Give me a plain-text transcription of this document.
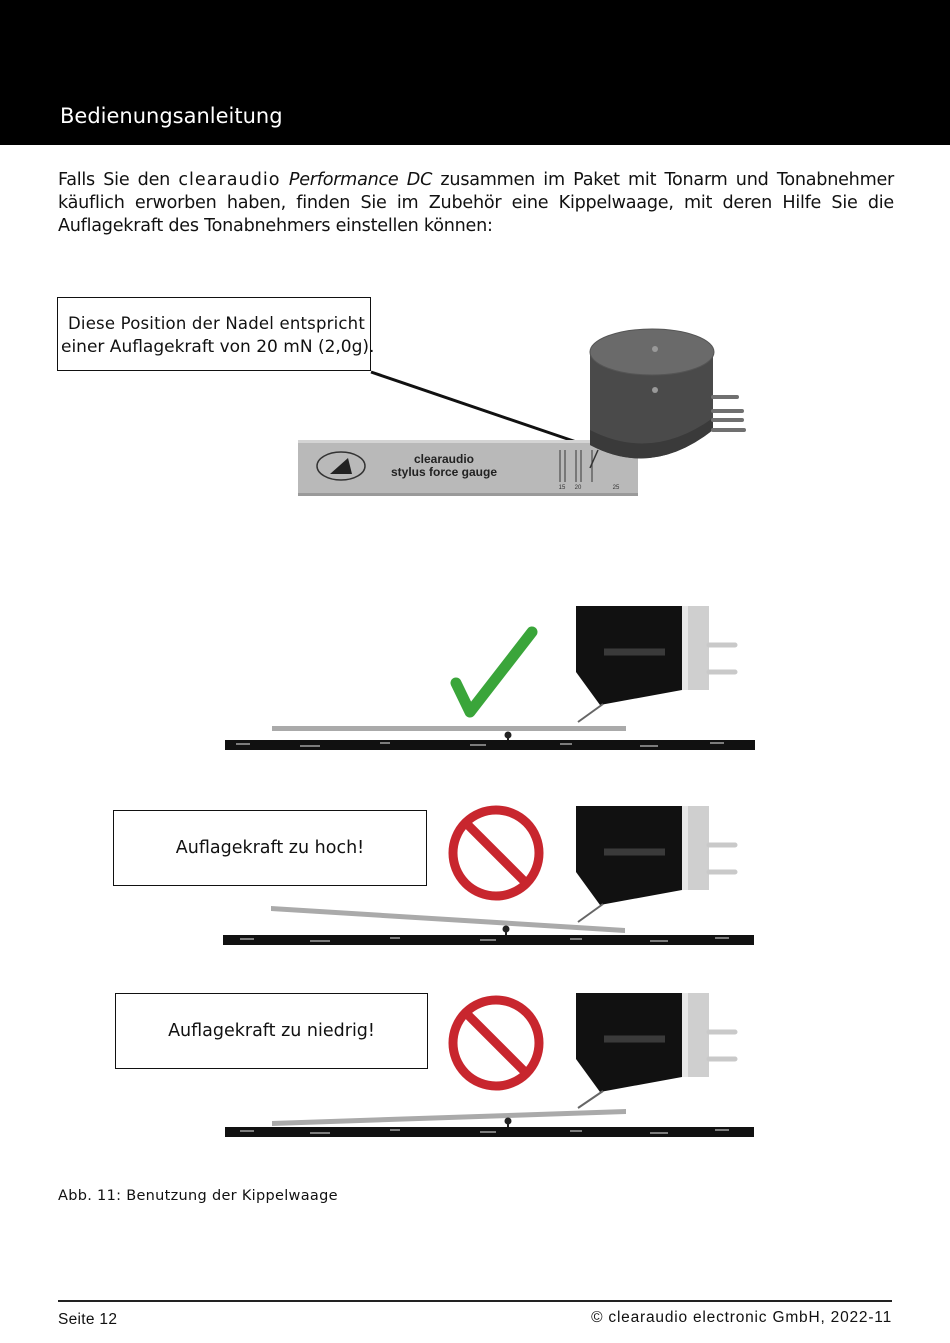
Bedienungsanleitung
Falls Sie den clearaudio Performance DC zusammen im Paket mit Tonarm und Tonabnehmer käuflich erworben haben, finden Sie im Zubehör eine Kippelwaage, mit deren Hilfe Sie die Auflagekraft des Tonabnehmers einstellen können:
clearaudio
stylus force gauge
15 20	25
Diese Position der Nadel entspricht
einer Auflagekraft von 20 mN (2,0g).
Auflagekraft zu hoch!
Auflagekraft zu niedrig!
Abb. 11: Benutzung der Kippelwaage
Seite 12	© clearaudio electronic GmbH, 2022-11
